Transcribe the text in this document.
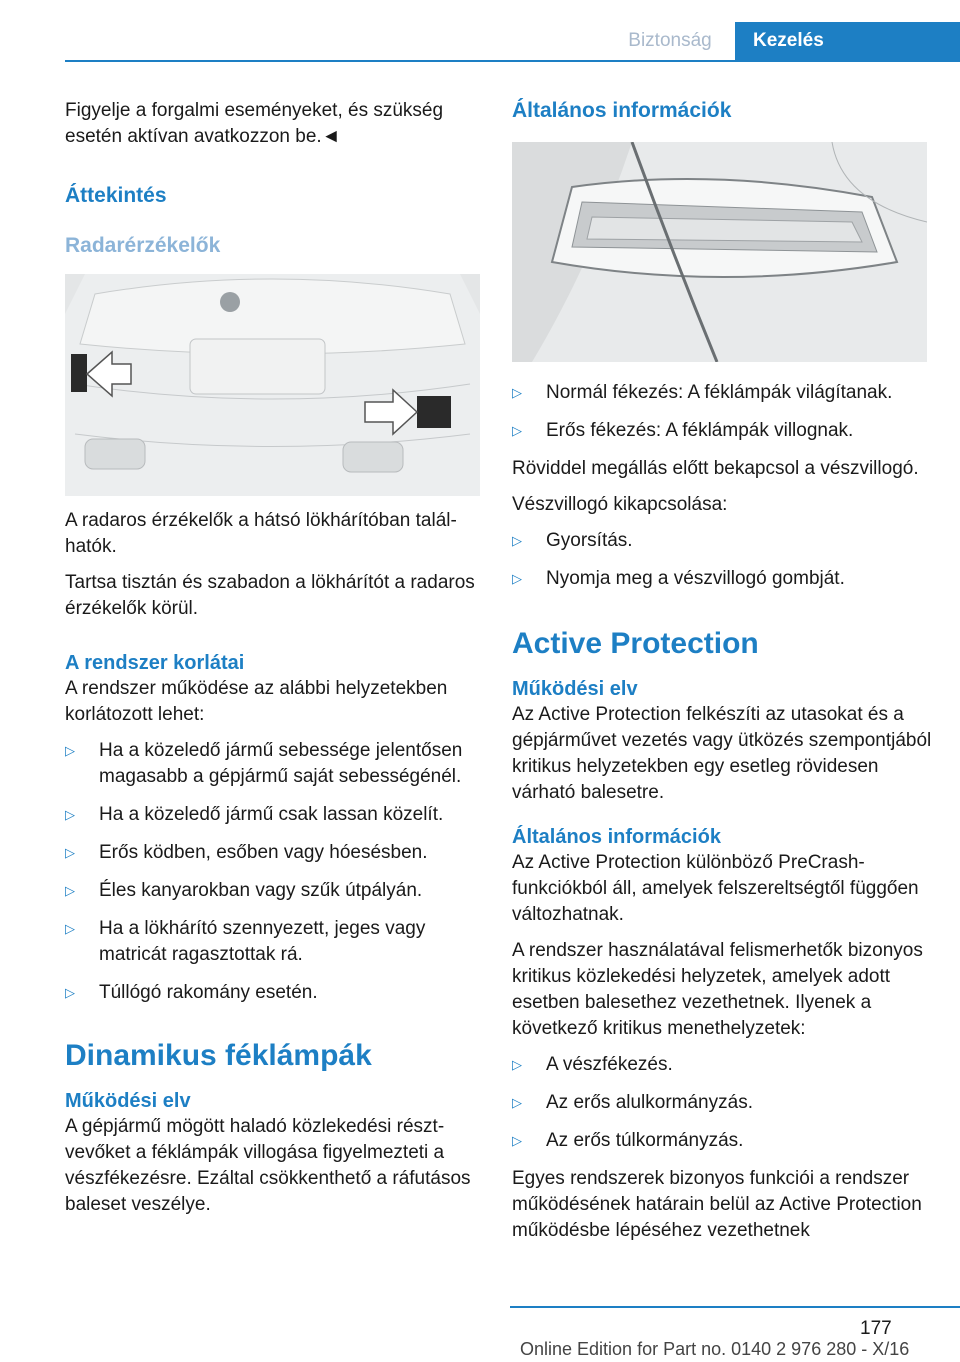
Biztonság	Kezelés

Figyelje a forgalmi eseményeket, és szükség esetén aktívan avatkozzon be.◄

Áttekintés
Radarérzékelők

A radaros érzékelők a hátsó lökhárítóban találhatók.

Tartsa tisztán és szabadon a lökhárítót a radaros érzékelők körül.

A rendszer korlátai

A rendszer működése az alábbi helyzetekben korlátozott lehet:

▷	Ha a közeledő jármű sebessége jelentősen magasabb a gépjármű saját sebességénél.
▷	Ha a közeledő jármű csak lassan közelít.
▷	Erős ködben, esőben vagy hóesésben.
▷	Éles kanyarokban vagy szűk útpályán.
▷	Ha a lökhárító szennyezett, jeges vagy matricát ragasztottak rá.
▷	Túllógó rakomány esetén.
Dinamikus féklámpák
Működési elv

A gépjármű mögött haladó közlekedési résztvevőket a féklámpák villogása figyelmezteti a vészfékezésre. Ezáltal csökkenthető a ráfutásos baleset veszélye.

Általános információk
▷	Normál fékezés: A féklámpák világítanak.
▷	Erős fékezés: A féklámpák villognak.

Röviddel megállás előtt bekapcsol a vészvillogó.

Vészvillogó kikapcsolása:

▷	Gyorsítás.
▷	Nyomja meg a vészvillogó gombját.
Active Protection
Működési elv

Az Active Protection felkészíti az utasokat és a gépjárművet vezetés vagy ütközés szempontjából kritikus helyzetekben egy esetleg rövidesen várható balesetre.

Általános információk

Az Active Protection különböző PreCrash-funkciókból áll, amelyek felszereltségtől függően változhatnak.

A rendszer használatával felismerhetők bizonyos kritikus közlekedési helyzetek, amelyek adott esetben balesethez vezethetnek. Ilyenek a következő kritikus menethelyzetek:

▷	A vészfékezés.
▷	Az erős alulkormányzás.
▷	Az erős túlkormányzás.

Egyes rendszerek bizonyos funkciói a rendszer működésének határain belül az Active Protection működésbe lépéséhez vezethetnek

177
Online Edition for Part no. 0140 2 976 280 - X/16
